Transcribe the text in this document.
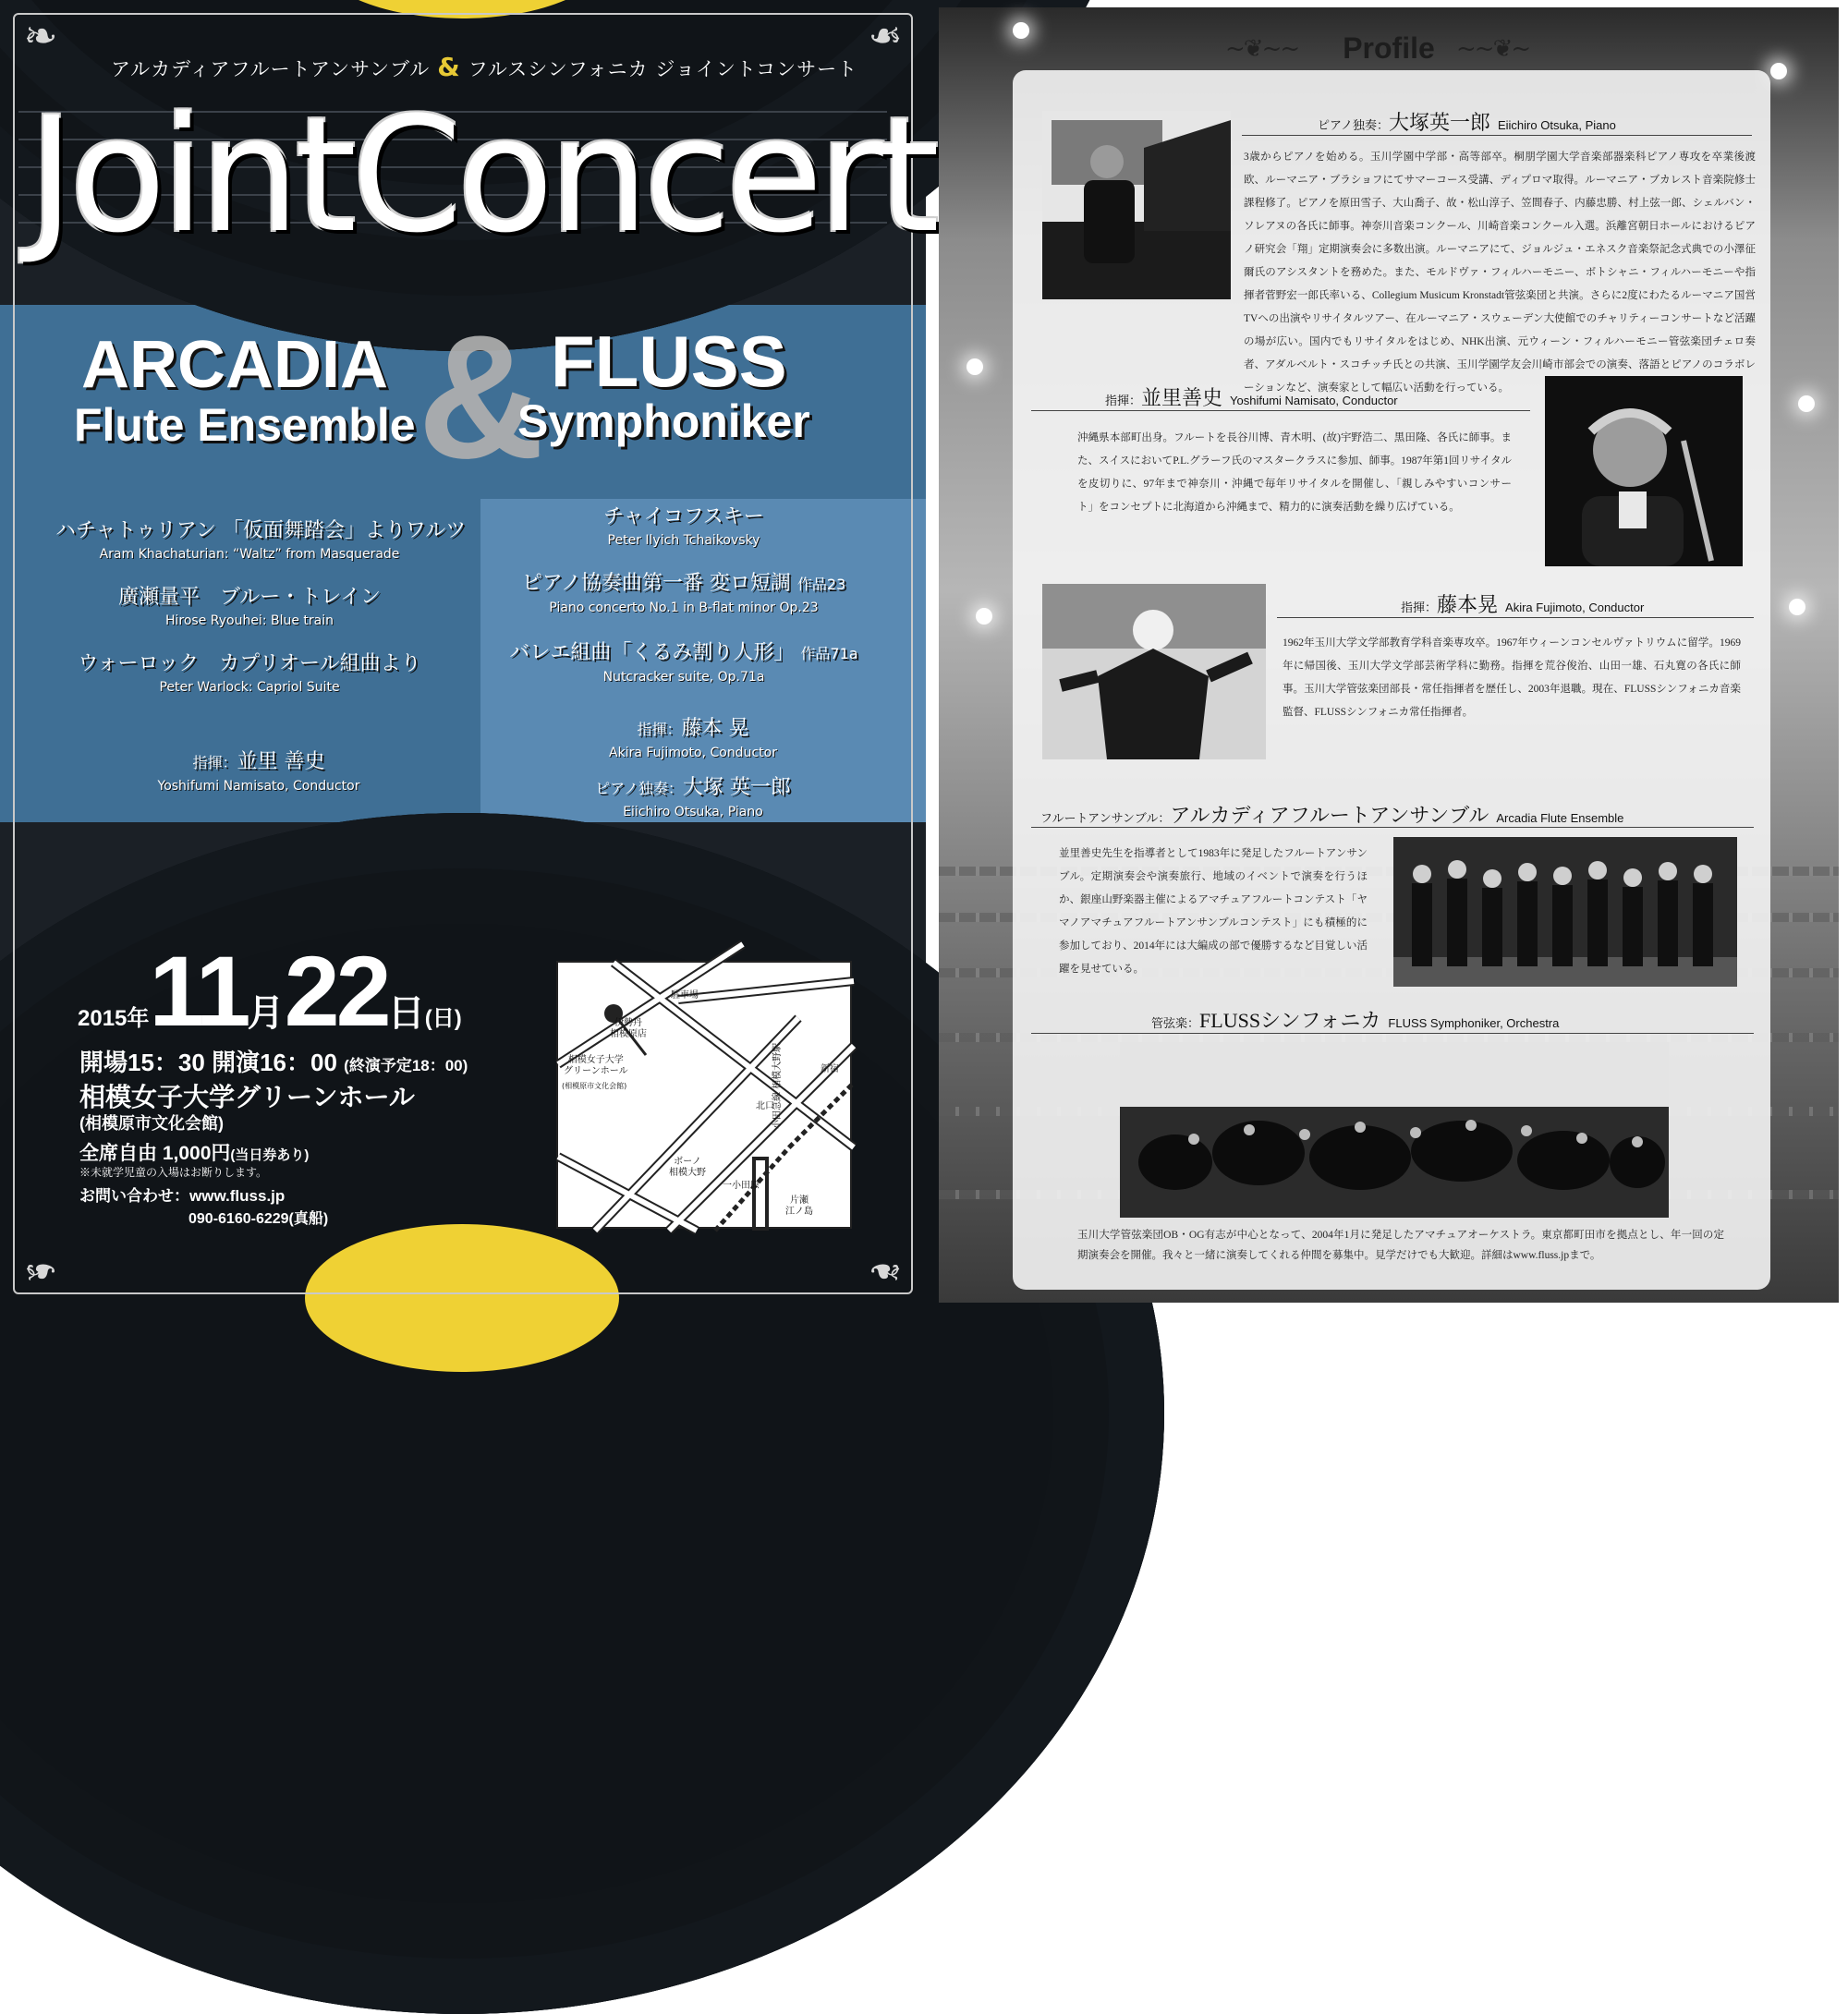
❧	❧
❧	❧
アルカディアフルートアンサンブル & フルスシンフォニカ ジョイントコンサート
JointConcert
ARCADIA
Flute Ensemble & FLUSS
Symphoniker
ハチャトゥリアン 「仮面舞踏会」よりワルツ
Aram Khachaturian: “Waltz” from Masquerade
廣瀬量平　ブルー・トレイン
Hirose Ryouhei: Blue train
ウォーロック　カプリオール組曲より
Peter Warlock: Capriol Suite
指揮：並里 善史
Yoshifumi Namisato, Conductor
チャイコフスキー
Peter Ilyich Tchaikovsky
ピアノ協奏曲第一番 変ロ短調 作品23
Piano concerto No.1 in B-flat minor Op.23
バレエ組曲「くるみ割り人形」 作品71a
Nutcracker suite, Op.71a
指揮：藤本 晃
Akira Fujimoto, Conductor
ピアノ独奏：大塚 英一郎
Eiichiro Otsuka, Piano
2015年11月22日(日)
開場15：30 開演16：00 (終演予定18：00)
相模女子大学グリーンホール
(相模原市文化会館)
全席自由 1,000円(当日券あり)
※未就学児童の入場はお断りします。
お問い合わせ：www.fluss.jp
090-6160-6229(真船)
駐車場
伊勢丹
相模原店
相模女子大学
グリーンホール
(相模原市文化会館)
ボーノ
相模大野
小田急線 相模大野駅
北口
新宿
一小田原
片瀬
江ノ島
~❦~~	Profile ~~❦~
ピアノ独奏：大塚英一郎 Eiichiro Otsuka, Piano
3歳からピアノを始める。玉川学園中学部・高等部卒。桐朋学園大学音楽部器楽科ピアノ専攻を卒業後渡欧、ルーマニア・ブラショフにてサマーコース受講、ディプロマ取得。ルーマニア・ブカレスト音楽院修士課程修了。ピアノを原田雪子、大山喬子、故・松山淳子、笠間春子、内藤忠勝、村上弦一郎、シェルバン・ソレアヌの各氏に師事。神奈川音楽コンクール、川崎音楽コンクール入選。浜離宮朝日ホールにおけるピアノ研究会「翔」定期演奏会に多数出演。ルーマニアにて、ジョルジュ・エネスク音楽祭記念式典での小澤征爾氏のアシスタントを務めた。また、モルドヴァ・フィルハーモニー、ボトシャニ・フィルハーモニーや指揮者菅野宏一郎氏率いる、Collegium Musicum Kronstadt管弦楽団と共演。さらに2度にわたるルーマニア国営TVへの出演やリサイタルツアー、在ルーマニア・スウェーデン大使館でのチャリティーコンサートなど活躍の場が広い。国内でもリサイタルをはじめ、NHK出演、元ウィーン・フィルハーモニー管弦楽団チェロ奏者、アダルベルト・スコチッチ氏との共演、玉川学園学友会川崎市部会での演奏、落語とピアノのコラボレーションなど、演奏家として幅広い活動を行っている。
指揮：並里善史 Yoshifumi Namisato, Conductor
沖縄県本部町出身。フルートを長谷川博、青木明、(故)宇野浩二、黒田隆、各氏に師事。また、スイスにおいてP.L.グラーフ氏のマスタークラスに参加、師事。1987年第1回リサイタルを皮切りに、97年まで神奈川・沖縄で毎年リサイタルを開催し、「親しみやすいコンサート」をコンセプトに北海道から沖縄まで、精力的に演奏活動を繰り広げている。
指揮：藤本晃 Akira Fujimoto, Conductor
1962年玉川大学文学部教育学科音楽専攻卒。1967年ウィーンコンセルヴァトリウムに留学。1969年に帰国後、玉川大学文学部芸術学科に勤務。指揮を荒谷俊治、山田一雄、石丸寛の各氏に師事。玉川大学管弦楽団部長・常任指揮者を歴任し、2003年退職。現在、FLUSSシンフォニカ音楽監督、FLUSSシンフォニカ常任指揮者。
フルートアンサンブル：アルカディアフルートアンサンブル Arcadia Flute Ensemble
並里善史先生を指導者として1983年に発足したフルートアンサンブル。定期演奏会や演奏旅行、地域のイベントで演奏を行うほか、銀座山野楽器主催によるアマチュアフルートコンテスト「ヤマノアマチュアフルートアンサンブルコンテスト」にも積極的に参加しており、2014年には大編成の部で優勝するなど目覚しい活躍を見せている。
管弦楽：FLUSSシンフォニカ FLUSS Symphoniker, Orchestra
玉川大学管弦楽団OB・OG有志が中心となって、2004年1月に発足したアマチュアオーケストラ。東京都町田市を拠点とし、年一回の定期演奏会を開催。我々と一緒に演奏してくれる仲間を募集中。見学だけでも大歓迎。詳細はwww.fluss.jpまで。
